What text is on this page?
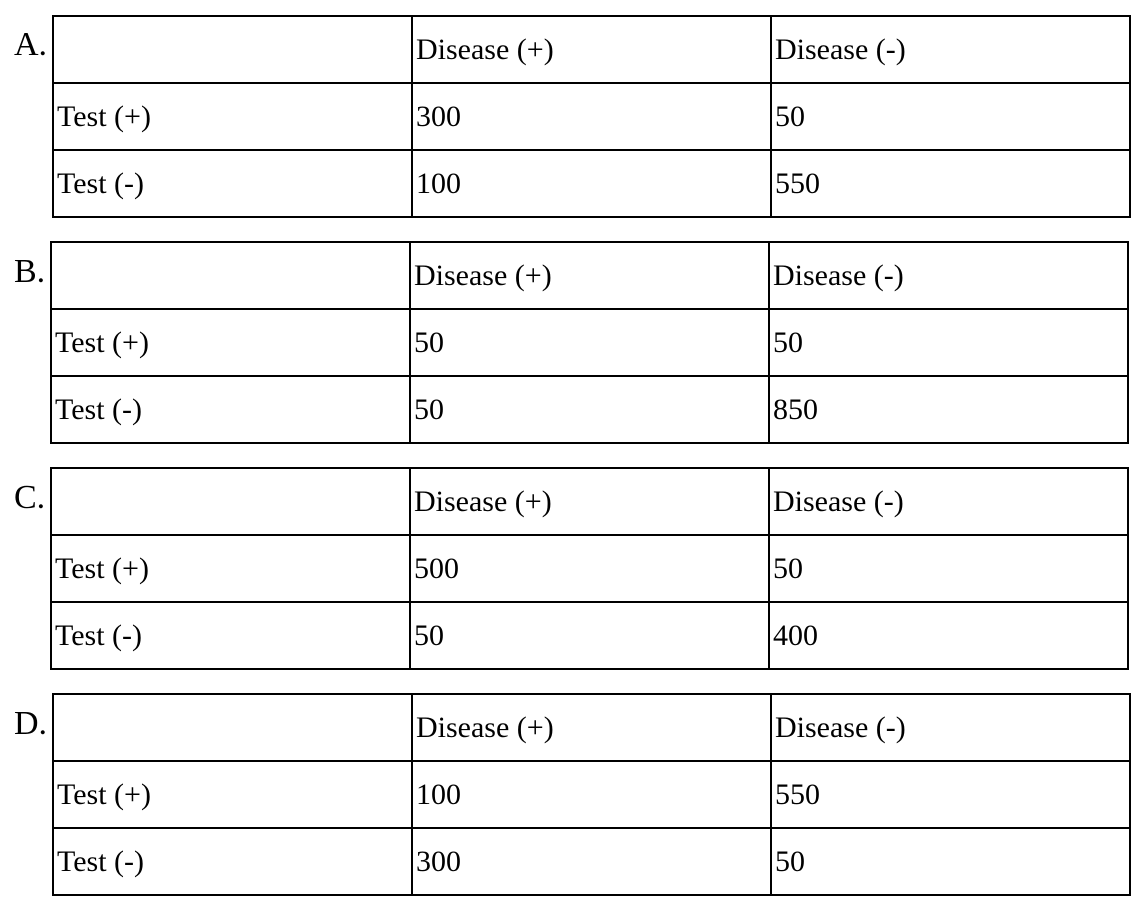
A.
		Disease (+)	Disease (-)
Test (+)	300	50
Test (-)	100	550
B.
		Disease (+)	Disease (-)
Test (+)	50	50
Test (-)	50	850
C.
		Disease (+)	Disease (-)
Test (+)	500	50
Test (-)	50	400
D.
		Disease (+)	Disease (-)
Test (+)	100	550
Test (-)	300	50
